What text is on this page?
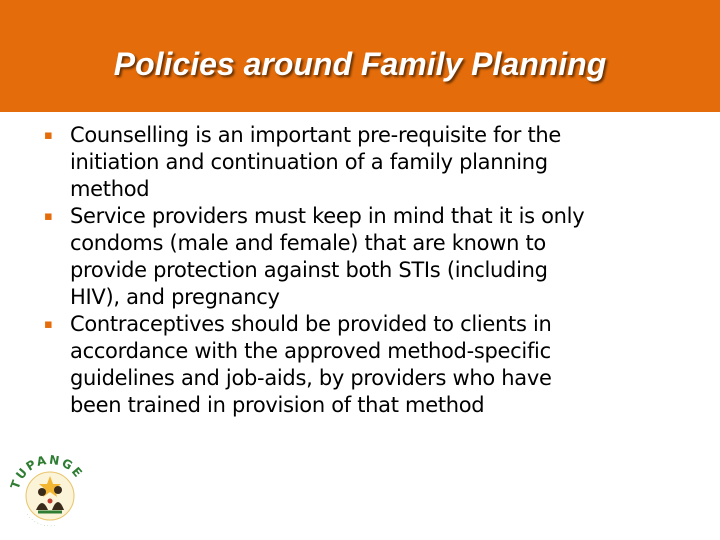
Policies around Family Planning
▪ Counselling is an important pre-requisite for the
initiation and continuation of a family planning
method
▪ Service providers must keep in mind that it is only
condoms (male and female) that are known to
provide protection against both STIs (including
HIV), and pregnancy
▪ Contraceptives should be provided to clients in
accordance with the approved method-specific
guidelines and job-aids, by providers who have
been trained in provision of that method
TUPANGE
· · · · · · · · · ·
